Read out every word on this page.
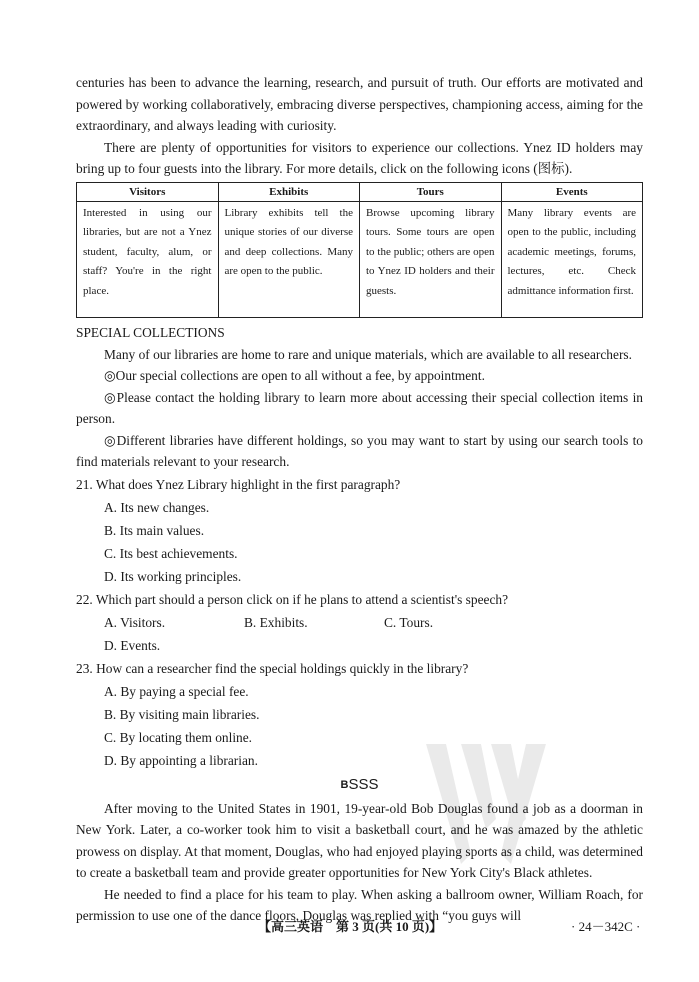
centuries has been to advance the learning, research, and pursuit of truth. Our efforts are motivated and powered by working collaboratively, embracing diverse perspectives, championing access, aiming for the extraordinary, and always leading with curiosity.

There are plenty of opportunities for visitors to experience our collections. Ynez ID holders may bring up to four guests into the library. For more details, click on the following icons (图标).

Visitors	Exhibits	Tours	Events
Interested in using our libraries, but are not a Ynez student, faculty, alum, or staff? You're in the right place.	Library exhibits tell the unique stories of our diverse and deep collections. Many are open to the public.	Browse upcoming library tours. Some tours are open to the public; others are open to Ynez ID holders and their guests.	Many library events are open to the public, including academic meetings, forums, lectures, etc. Check admittance information first.

SPECIAL COLLECTIONS

Many of our libraries are home to rare and unique materials, which are available to all researchers.

◎Our special collections are open to all without a fee, by appointment.

◎Please contact the holding library to learn more about accessing their special collection items in person.

◎Different libraries have different holdings, so you may want to start by using our search tools to find materials relevant to your research.

21. What does Ynez Library highlight in the first paragraph?

A. Its new changes.
B. Its main values.
C. Its best achievements.
D. Its working principles.

22. Which part should a person click on if he plans to attend a scientist's speech?

A. Visitors.	B. Exhibits.	C. Tours.
D. Events.

23. How can a researcher find the special holdings quickly in the library?

A. By paying a special fee.
B. By visiting main libraries.
C. By locating them online.
D. By appointing a librarian.

BSSS

After moving to the United States in 1901, 19-year-old Bob Douglas found a job as a doorman in New York. Later, a co-worker took him to visit a basketball court, and he was amazed by the athletic prowess on display. At that moment, Douglas, who had enjoyed playing sports as a child, was determined to create a basketball team and provide greater opportunities for New York City's Black athletes.

He needed to find a place for his team to play. When asking a ballroom owner, William Roach, for permission to use one of the dance floors, Douglas was replied with “you guys will

【高三英语　第 3 页(共 10 页)】	· 24－342C ·
